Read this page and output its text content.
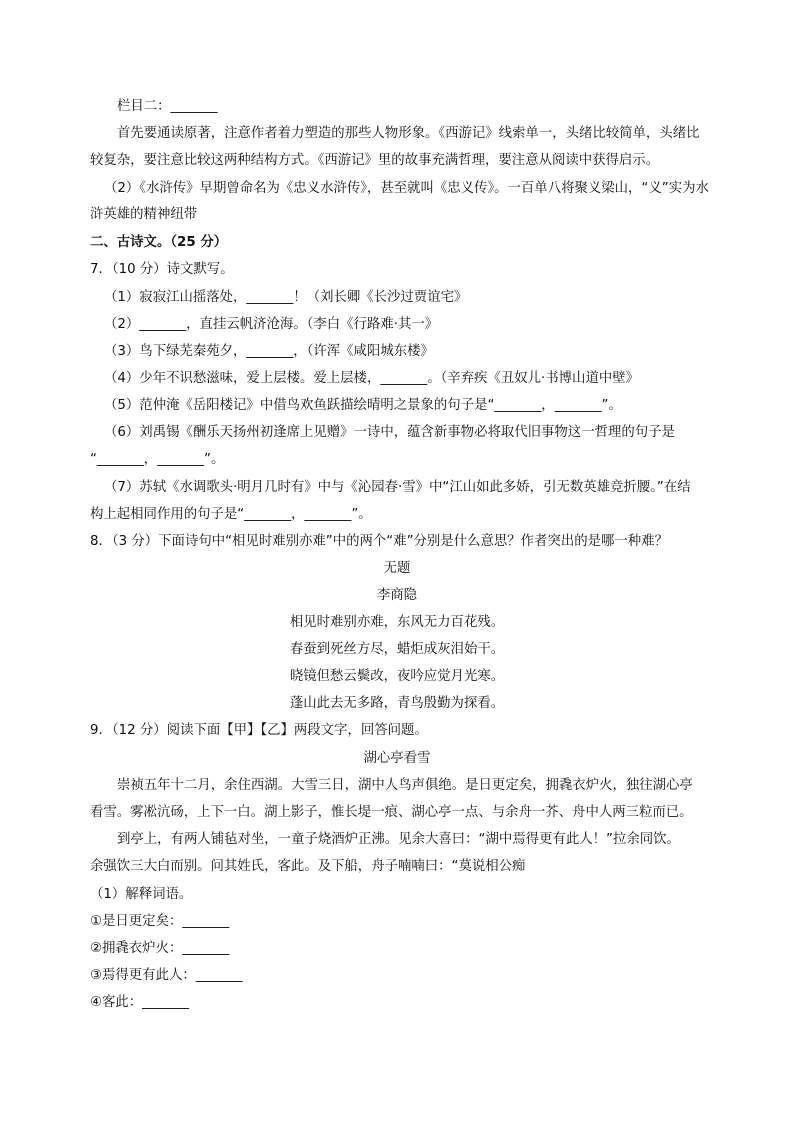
栏目二：_______
首先要通读原著，注意作者着力塑造的那些人物形象。《西游记》线索单一，头绪比较简单，头绪比
较复杂，要注意比较这两种结构方式。《西游记》里的故事充满哲理，要注意从阅读中获得启示。
（2）《水浒传》早期曾命名为《忠义水浒传》，甚至就叫《忠义传》。一百单八将聚义梁山，“义”实为水
浒英雄的精神纽带
二、古诗文。（25 分）
7．（10 分）诗文默写。
（1）寂寂江山摇落处，_______！（刘长卿《长沙过贾谊宅》
（2）_______，直挂云帆济沧海。（李白《行路难·其一》
（3）鸟下绿芜秦苑夕，_______，（许浑《咸阳城东楼》
（4）少年不识愁滋味，爱上层楼。爱上层楼，_______。（辛弃疾《丑奴儿·书博山道中壁》
（5）范仲淹《岳阳楼记》中借鸟欢鱼跃描绘晴明之景象的句子是“_______，_______”。
（6）刘禹锡《酬乐天扬州初逢席上见赠》一诗中，蕴含新事物必将取代旧事物这一哲理的句子是
“_______，_______”。
（7）苏轼《水调歌头·明月几时有》中与《沁园春·雪》中“江山如此多娇，引无数英雄竞折腰。”在结
构上起相同作用的句子是“_______，_______”。
8．（3 分）下面诗句中“相见时难别亦难”中的两个“难”分别是什么意思？作者突出的是哪一种难？
无题
李商隐
相见时难别亦难，东风无力百花残。
春蚕到死丝方尽，蜡炬成灰泪始干。
晓镜但愁云鬓改，夜吟应觉月光寒。
蓬山此去无多路，青鸟殷勤为探看。
9．（12 分）阅读下面【甲】【乙】两段文字，回答问题。
湖心亭看雪
崇祯五年十二月，余住西湖。大雪三日，湖中人鸟声俱绝。是日更定矣，拥毳衣炉火，独往湖心亭
看雪。雾凇沆砀，上下一白。湖上影子，惟长堤一痕、湖心亭一点、与余舟一芥、舟中人两三粒而已。
到亭上，有两人铺毡对坐，一童子烧酒炉正沸。见余大喜曰：“湖中焉得更有此人！”拉余同饮。
余强饮三大白而别。问其姓氏，客此。及下船，舟子喃喃曰：“莫说相公痴
（1）解释词语。
①是日更定矣：_______
②拥毳衣炉火：_______
③焉得更有此人：_______
④客此：_______
